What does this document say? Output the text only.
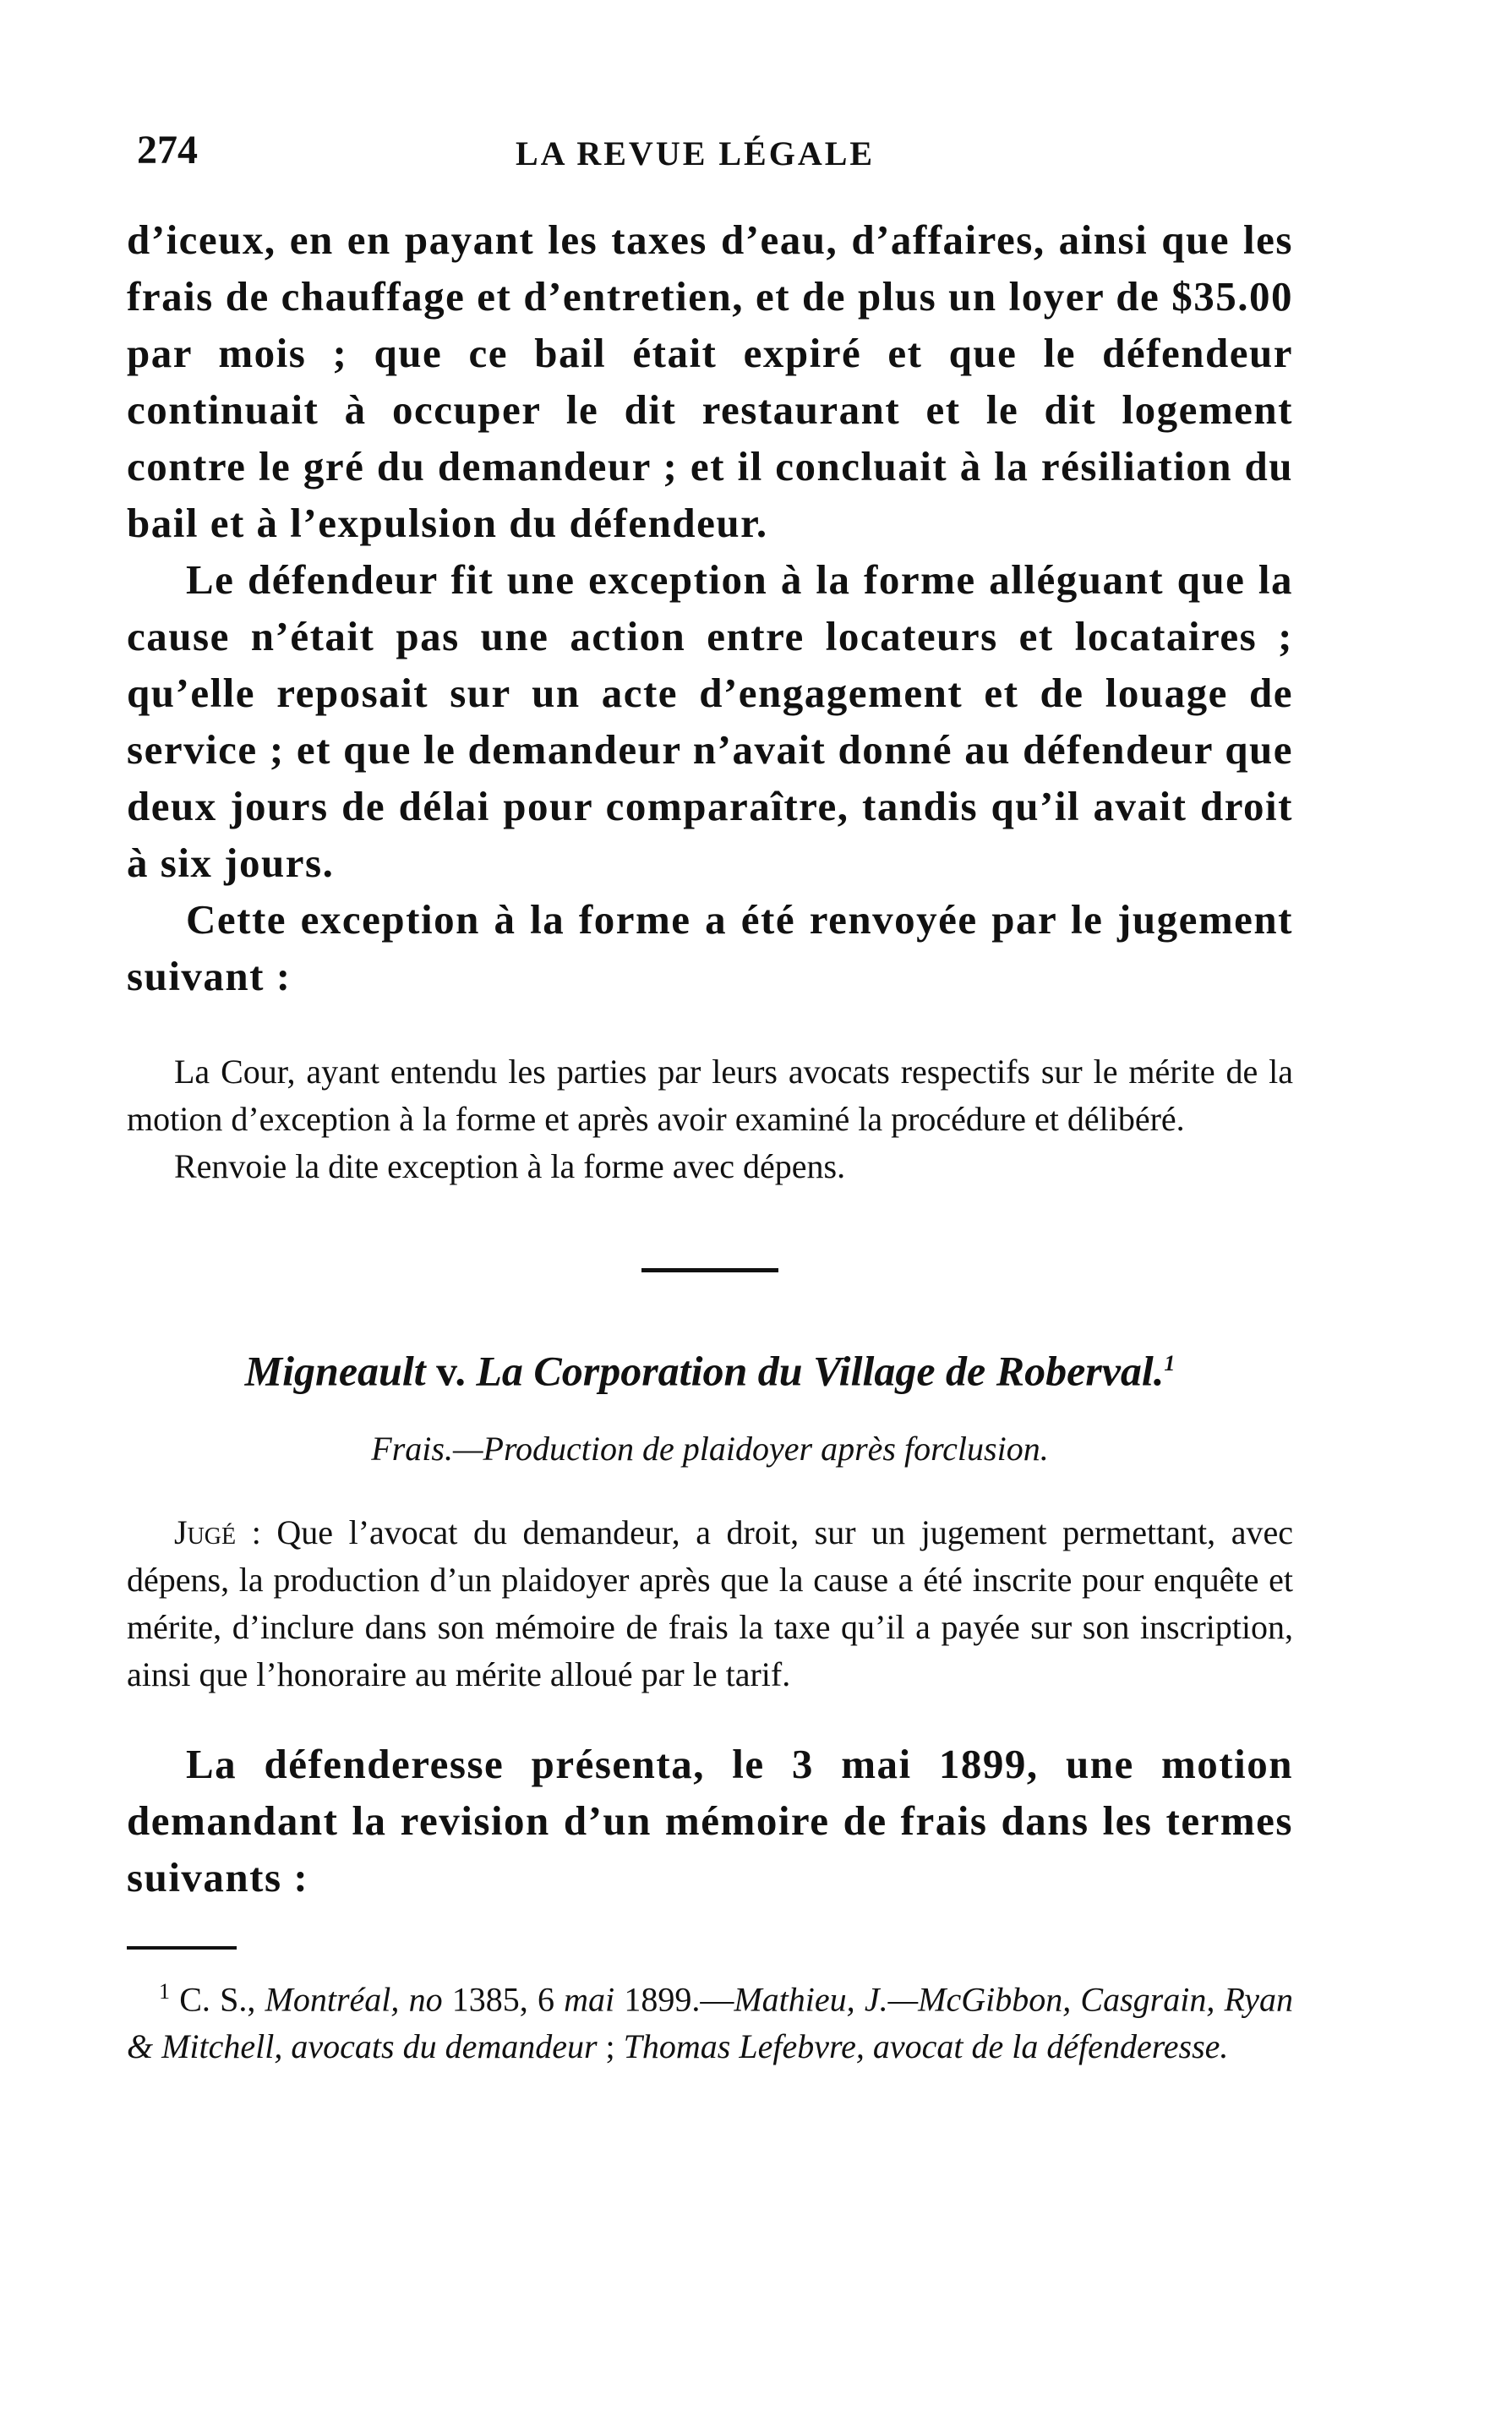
274	LA REVUE LÉGALE

d’iceux, en en payant les taxes d’eau, d’affaires, ainsi que les frais de chauffage et d’entretien, et de plus un loyer de $35.00 par mois ; que ce bail était expiré et que le défendeur continuait à occuper le dit restaurant et le dit logement contre le gré du demandeur ; et il concluait à la résiliation du bail et à l’expulsion du défendeur.

Le défendeur fit une exception à la forme alléguant que la cause n’était pas une action entre locateurs et locataires ; qu’elle reposait sur un acte d’engagement et de louage de service ; et que le demandeur n’avait donné au défendeur que deux jours de délai pour comparaître, tandis qu’il avait droit à six jours.

Cette exception à la forme a été renvoyée par le jugement suivant :

La Cour, ayant entendu les parties par leurs avocats respectifs sur le mérite de la motion d’exception à la forme et après avoir examiné la procédure et délibéré.

Renvoie la dite exception à la forme avec dépens.

Migneault v. La Corporation du Village de Roberval.$^1$

Frais.—Production de plaidoyer après forclusion.

Jugé : Que l’avocat du demandeur, a droit, sur un jugement permettant, avec dépens, la production d’un plaidoyer après que la cause a été inscrite pour enquête et mérite, d’inclure dans son mémoire de frais la taxe qu’il a payée sur son inscription, ainsi que l’honoraire au mérite alloué par le tarif.

La défenderesse présenta, le 3 mai 1899, une motion demandant la revision d’un mémoire de frais dans les termes suivants :

$^1$ C. S., Montréal, no 1385, 6 mai 1899.—Mathieu, J.—McGibbon, Casgrain, Ryan & Mitchell, avocats du demandeur ; Thomas Lefebvre, avocat de la défenderesse.
